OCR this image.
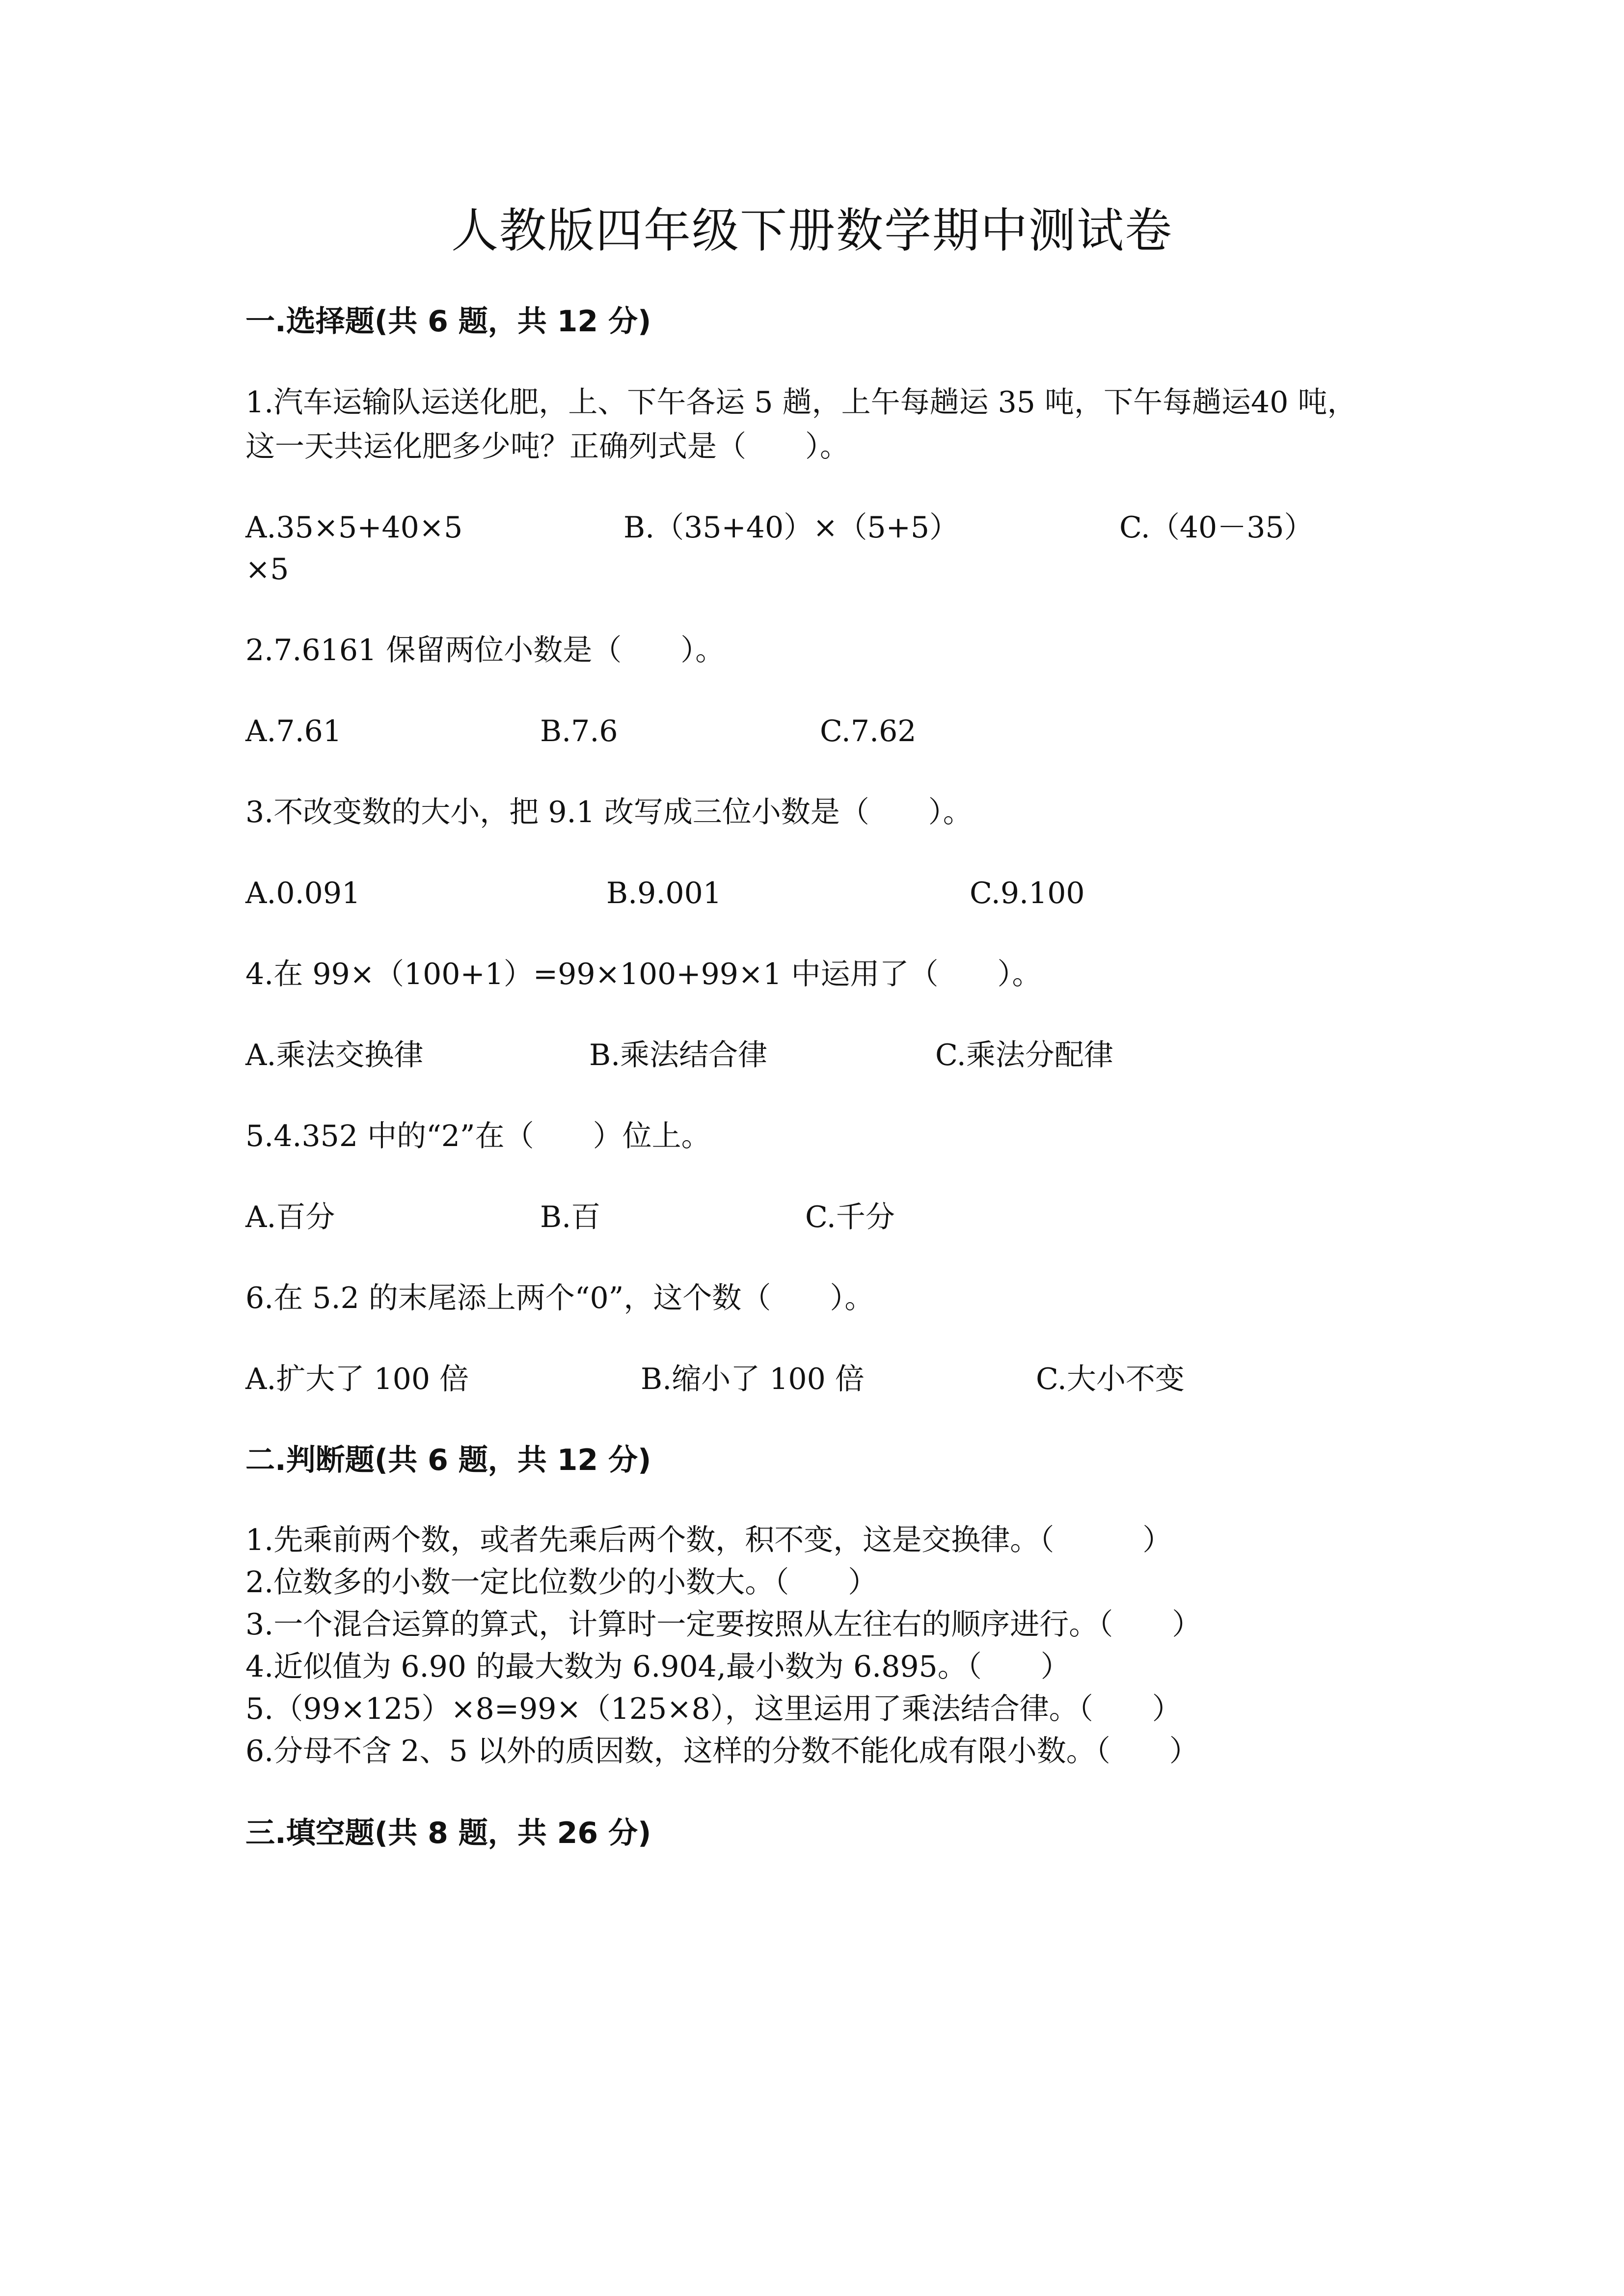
人教版四年级下册数学期中测试卷
一.选择题(共 6 题，共 12 分)
1.汽车运输队运送化肥，上、下午各运 5 趟，上午每趟运 35 吨，下午每趟运40 吨，这一天共运化肥多少吨？正确列式是（　　）。
A.35×5+40×5	B.（35+40）×（5+5）	C.（40－35）
×5
2.7.6161 保留两位小数是（　　）。
A.7.61	B.7.6	C.7.62
3.不改变数的大小，把 9.1 改写成三位小数是（　　）。
A.0.091	B.9.001	C.9.100
4.在 99×（100+1）=99×100+99×1 中运用了（　　）。
A.乘法交换律	B.乘法结合律	C.乘法分配律
5.4.352 中的“2”在（　　）位上。
A.百分	B.百	C.千分
6.在 5.2 的末尾添上两个“0”，这个数（　　）。
A.扩大了 100 倍	B.缩小了 100 倍	C.大小不变
二.判断题(共 6 题，共 12 分)
1.先乘前两个数，或者先乘后两个数，积不变，这是交换律。（　　　）
2.位数多的小数一定比位数少的小数大。（　　）
3.一个混合运算的算式，计算时一定要按照从左往右的顺序进行。（　　）
4.近似值为 6.90 的最大数为 6.904,最小数为 6.895。（　　）
5.（99×125）×8=99×（125×8），这里运用了乘法结合律。（　　）
6.分母不含 2、5 以外的质因数，这样的分数不能化成有限小数。（　　）
三.填空题(共 8 题，共 26 分)
